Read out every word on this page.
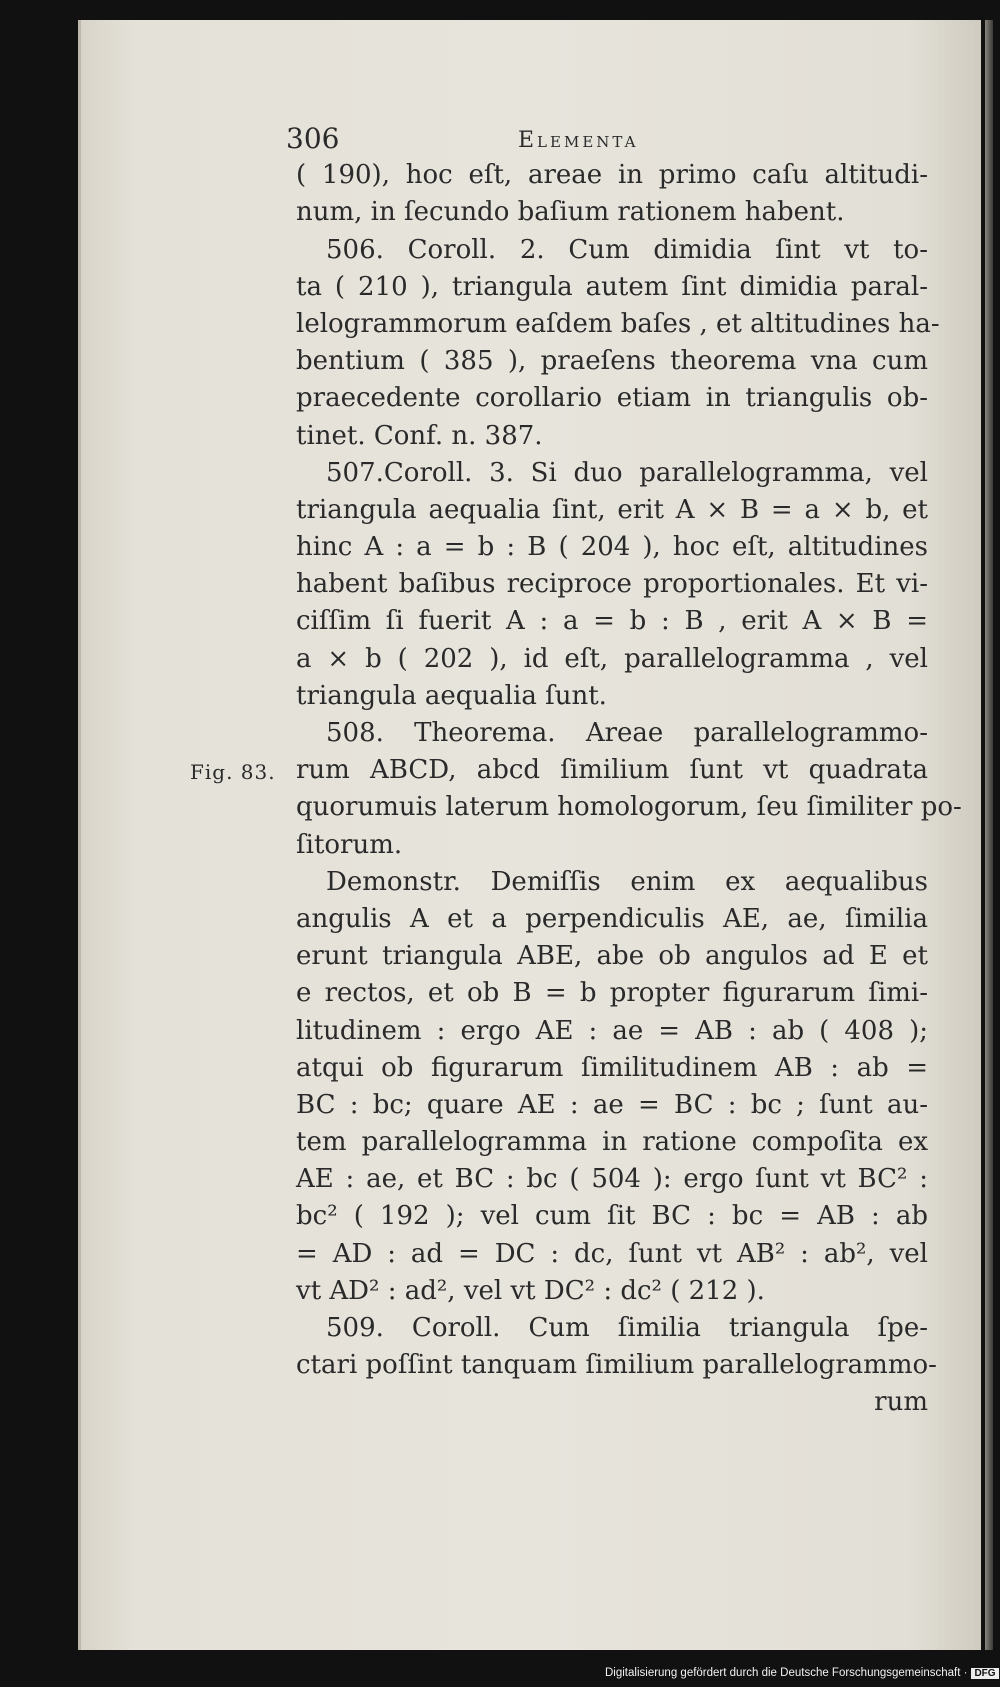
Fig. 83.
306	Elementa
( 190), hoc eſt, areae in primo caſu altitudi-
num, in ſecundo baſium rationem habent.
506. Coroll. 2. Cum dimidia ſint vt to-
ta ( 210 ), triangula autem ſint dimidia paral-
lelogrammorum eaſdem baſes , et altitudines ha-
bentium ( 385 ), praeſens theorema vna cum
praecedente corollario etiam in triangulis ob-
tinet. Conf. n. 387.
507.Coroll. 3. Si duo parallelogramma, vel
triangula aequalia ſint, erit A × B = a × b, et
hinc A : a = b : B ( 204 ), hoc eſt, altitudines
habent baſibus reciproce proportionales. Et vi-
ciſſim ſi fuerit A : a = b : B , erit A × B =
a × b ( 202 ), id eſt, parallelogramma , vel
triangula aequalia ſunt.
508. Theorema. Areae parallelogrammo-
rum ABCD, abcd ſimilium ſunt vt quadrata
quorumuis laterum homologorum, ſeu ſimiliter po-
ſitorum.
Demonstr. Demiſſis enim ex aequalibus
angulis A et a perpendiculis AE, ae, ſimilia
erunt triangula ABE, abe ob angulos ad E et
e rectos, et ob B = b propter figurarum ſimi-
litudinem : ergo AE : ae = AB : ab ( 408 );
atqui ob figurarum ſimilitudinem AB : ab =
BC : bc; quare AE : ae = BC : bc ; ſunt au-
tem parallelogramma in ratione compoſita ex
AE : ae, et BC : bc ( 504 ): ergo ſunt vt BC² :
bc² ( 192 ); vel cum ſit BC : bc = AB : ab
= AD : ad = DC : dc, ſunt vt AB² : ab², vel
vt AD² : ad², vel vt DC² : dc² ( 212 ).
509. Coroll. Cum ſimilia triangula ſpe-
ctari poſſint tanquam ſimilium parallelogrammo-
rum
Digitalisierung gefördert durch die Deutsche Forschungsgemeinschaft · DFG
